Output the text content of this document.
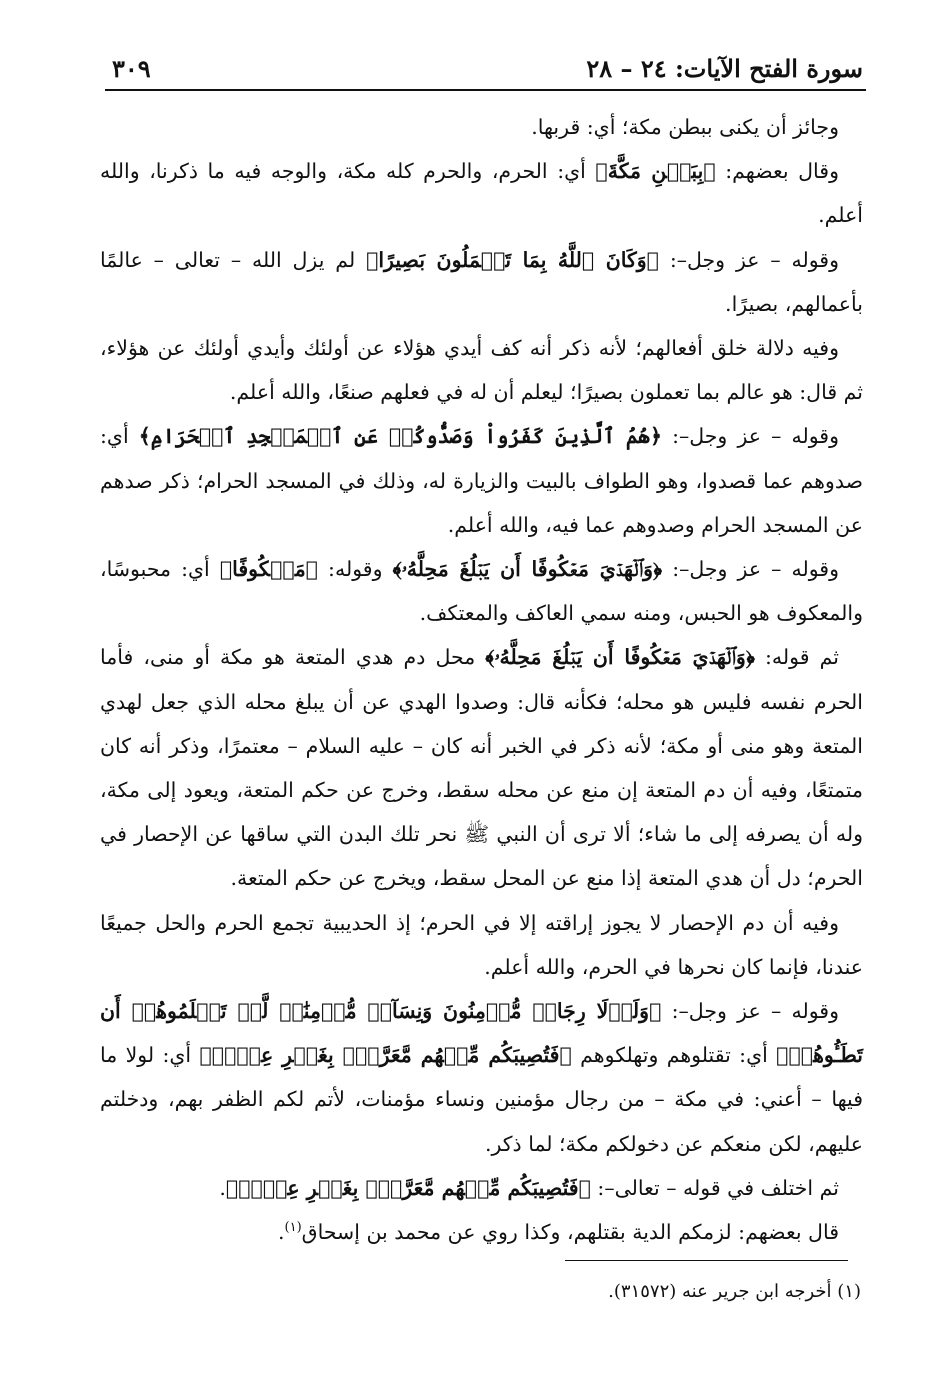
سورة الفتح الآيات: ٢٤ – ٢٨
٣٠٩

وجائز أن يكنى ببطن مكة؛ أي: قربها.

وقال بعضهم: ﴿بِبَطۡنِ مَكَّةَ﴾ أي: الحرم، والحرم كله مكة، والوجه فيه ما ذكرنا، والله أعلم.

وقوله – عز وجل–: ﴿وَكَانَ ٱللَّهُ بِمَا تَعۡمَلُونَ بَصِيرًا﴾ لم يزل الله – تعالى – عالمًا بأعمالهم، بصيرًا.

وفيه دلالة خلق أفعالهم؛ لأنه ذكر أنه كف أيدي هؤلاء عن أولئك وأيدي أولئك عن هؤلاء، ثم قال: هو عالم بما تعملون بصيرًا؛ ليعلم أن له في فعلهم صنعًا، والله أعلم.

وقوله – عز وجل–: ﴿هُمُ ٱلَّذِينَ كَفَرُواْ وَصَدُّوكُمۡ عَنِ ٱلۡمَسۡجِدِ ٱلۡحَرَامِ﴾ أي: صدوهم عما قصدوا، وهو الطواف بالبيت والزيارة له، وذلك في المسجد الحرام؛ ذكر صدهم عن المسجد الحرام وصدوهم عما فيه، والله أعلم.

وقوله – عز وجل–: ﴿وَٱلۡهَدۡيَ مَعۡكُوفًا أَن يَبۡلُغَ مَحِلَّهُۥ﴾ وقوله: ﴿مَعۡكُوفًا﴾ أي: محبوسًا، والمعكوف هو الحبس، ومنه سمي العاكف والمعتكف.

ثم قوله: ﴿وَٱلۡهَدۡيَ مَعۡكُوفًا أَن يَبۡلُغَ مَحِلَّهُۥ﴾ محل دم هدي المتعة هو مكة أو منى، فأما الحرم نفسه فليس هو محله؛ فكأنه قال: وصدوا الهدي عن أن يبلغ محله الذي جعل لهدي المتعة وهو منى أو مكة؛ لأنه ذكر في الخبر أنه كان – عليه السلام – معتمرًا، وذكر أنه كان متمتعًا، وفيه أن دم المتعة إن منع عن محله سقط، وخرج عن حكم المتعة، ويعود إلى مكة، وله أن يصرفه إلى ما شاء؛ ألا ترى أن النبي ﷺ نحر تلك البدن التي ساقها عن الإحصار في الحرم؛ دل أن هدي المتعة إذا منع عن المحل سقط، ويخرج عن حكم المتعة.

وفيه أن دم الإحصار لا يجوز إراقته إلا في الحرم؛ إذ الحديبية تجمع الحرم والحل جميعًا عندنا، فإنما كان نحرها في الحرم، والله أعلم.

وقوله – عز وجل–: ﴿وَلَوۡلَا رِجَالٞ مُّؤۡمِنُونَ وَنِسَآءٞ مُّؤۡمِنَٰتٞ لَّمۡ تَعۡلَمُوهُمۡ أَن تَطَـُٔوهُمۡ﴾ أي: تقتلوهم وتهلكوهم ﴿فَتُصِيبَكُم مِّنۡهُم مَّعَرَّةُۢ بِغَيۡرِ عِلۡمٖ﴾ أي: لولا ما فيها – أعني: في مكة – من رجال مؤمنين ونساء مؤمنات، لأتم لكم الظفر بهم، ودخلتم عليهم، لكن منعكم عن دخولكم مكة؛ لما ذكر.

ثم اختلف في قوله – تعالى–: ﴿فَتُصِيبَكُم مِّنۡهُم مَّعَرَّةُۢ بِغَيۡرِ عِلۡمٖ﴾.

قال بعضهم: لزمكم الدية بقتلهم، وكذا روي عن محمد بن إسحاق$^{(١)}$.

(١) أخرجه ابن جرير عنه (٣١٥٧٢).
